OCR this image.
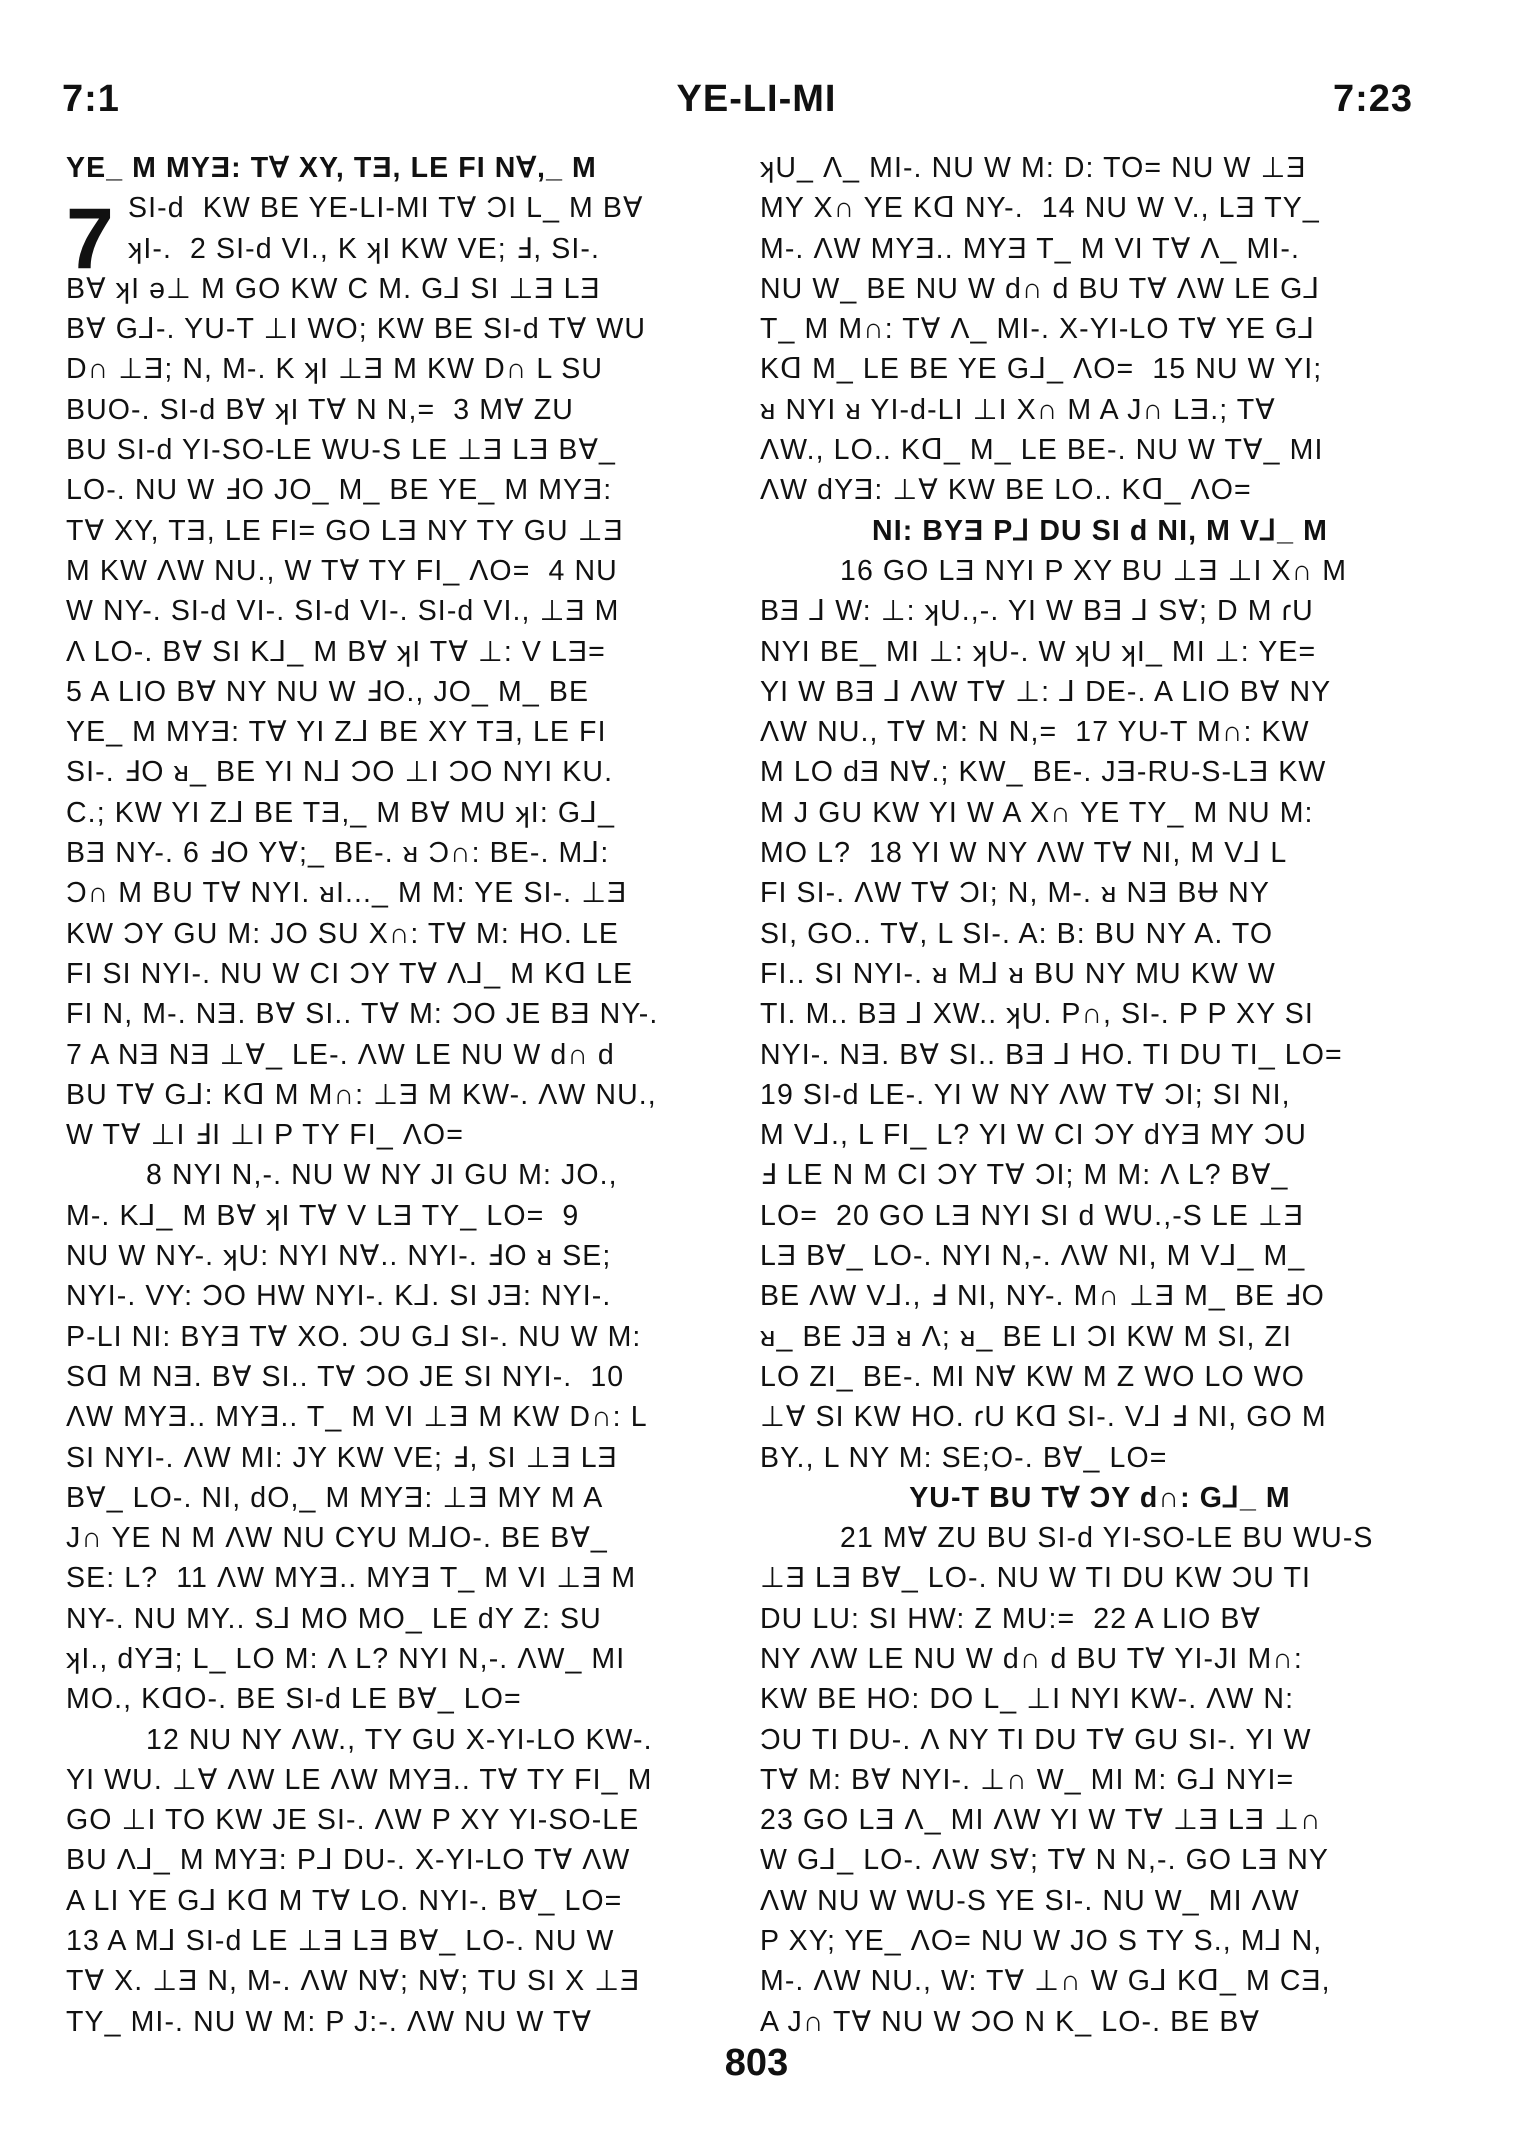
7:1	YE-LI-MI	7:23
7
YE_ M MYƎ: T∀ XY, TƎ, LE FI N∀,_ M
SI-d  KW BE YE-LI-MI T∀ ƆI L_ M B∀
ʞI-.  2 SI-d VI., K ʞI KW VE; Ⅎ, SI-.
B∀ ʞI ǝ⊥ M GO KW C M. G⅃ SI ⊥Ǝ LƎ
B∀ G⅃-. YU-T ⊥I WO; KW BE SI-d T∀ WU
D∩ ⊥Ǝ; N, M-. K ʞI ⊥Ǝ M KW D∩ L SU
BUO-. SI-d B∀ ʞI T∀ N N,=  3 M∀ ZU
BU SI-d YI-SO-LE WU-S LE ⊥Ǝ LƎ B∀_
LO-. NU W ℲO JO_ M_ BE YE_ M MYƎ:
T∀ XY, TƎ, LE FI= GO LƎ NY TY GU ⊥Ǝ
M KW ΛW NU., W T∀ TY FI_ ΛO=  4 NU
W NY-. SI-d VI-. SI-d VI-. SI-d VI., ⊥Ǝ M
Λ LO-. B∀ SI K⅃_ M B∀ ʞI T∀ ⊥: V LƎ=
5 A LIO B∀ NY NU W ℲO., JO_ M_ BE
YE_ M MYƎ: T∀ YI Z⅃ BE XY TƎ, LE FI
SI-. ℲO ᴚ_ BE YI N⅃ ƆO ⊥I ƆO NYI KU.
C.; KW YI Z⅃ BE TƎ,_ M B∀ MU ʞI: G⅃_
BƎ NY-. 6 ℲO Y∀;_ BE-. ᴚ Ɔ∩: BE-. M⅃:
Ɔ∩ M BU T∀ NYI. ᴚI..._ M M: YE SI-. ⊥Ǝ
KW ƆY GU M: JO SU X∩: T∀ M: HO. LE
FI SI NYI-. NU W CI ƆY T∀ Λ⅃_ M Kᗡ LE
FI N, M-. NƎ. B∀ SI.. T∀ M: ƆO JE BƎ NY-.
7 A NƎ NƎ ⊥∀_ LE-. ΛW LE NU W d∩ d
BU T∀ G⅃: Kᗡ M M∩: ⊥Ǝ M KW-. ΛW NU.,
W T∀ ⊥I ℲI ⊥I P TY FI_ ΛO=
8 NYI N,-. NU W NY JI GU M: JO.,
M-. K⅃_ M B∀ ʞI T∀ V LƎ TY_ LO=  9
NU W NY-. ʞU: NYI N∀.. NYI-. ℲO ᴚ SE;
NYI-. VY: ƆO HW NYI-. K⅃. SI JƎ: NYI-.
P-LI NI: BYƎ T∀ XO. ƆU G⅃ SI-. NU W M:
Sᗡ M NƎ. B∀ SI.. T∀ ƆO JE SI NYI-.  10
ΛW MYƎ.. MYƎ.. T_ M VI ⊥Ǝ M KW D∩: L
SI NYI-. ΛW MI: JY KW VE; Ⅎ, SI ⊥Ǝ LƎ
B∀_ LO-. NI, dO,_ M MYƎ: ⊥Ǝ MY M A
J∩ YE N M ΛW NU CYU M⅃O-. BE B∀_
SE: L?  11 ΛW MYƎ.. MYƎ T_ M VI ⊥Ǝ M
NY-. NU MY.. S⅃ MO MO_ LE dY Z: SU
ʞI., dYƎ; L_ LO M: Λ L? NYI N,-. ΛW_ MI
MO., KᗡO-. BE SI-d LE B∀_ LO=
12 NU NY ΛW., TY GU X-YI-LO KW-.
YI WU. ⊥∀ ΛW LE ΛW MYƎ.. T∀ TY FI_ M
GO ⊥I TO KW JE SI-. ΛW P XY YI-SO-LE
BU Λ⅃_ M MYƎ: P⅃ DU-. X-YI-LO T∀ ΛW
A LI YE G⅃ Kᗡ M T∀ LO. NYI-. B∀_ LO=
13 A M⅃ SI-d LE ⊥Ǝ LƎ B∀_ LO-. NU W
T∀ X. ⊥Ǝ N, M-. ΛW N∀; N∀; TU SI X ⊥Ǝ
TY_ MI-. NU W M: P J:-. ΛW NU W T∀
ʞU_ Λ_ MI-. NU W M: D: TO= NU W ⊥Ǝ
MY X∩ YE Kᗡ NY-.  14 NU W V., LƎ TY_
M-. ΛW MYƎ.. MYƎ T_ M VI T∀ Λ_ MI-.
NU W_ BE NU W d∩ d BU T∀ ΛW LE G⅃
T_ M M∩: T∀ Λ_ MI-. X-YI-LO T∀ YE G⅃
Kᗡ M_ LE BE YE G⅃_ ΛO=  15 NU W YI;
ᴚ NYI ᴚ YI-d-LI ⊥I X∩ M A J∩ LƎ.; T∀
ΛW., LO.. Kᗡ_ M_ LE BE-. NU W T∀_ MI
ΛW dYƎ: ⊥∀ KW BE LO.. Kᗡ_ ΛO=
NI: BYƎ P⅃ DU SI d NI, M V⅃_ M
16 GO LƎ NYI P XY BU ⊥Ǝ ⊥I X∩ M
BƎ ⅃ W: ⊥: ʞU.,-. YI W BƎ ⅃ S∀; D M ɾU
NYI BE_ MI ⊥: ʞU-. W ʞU ʞI_ MI ⊥: YE=
YI W BƎ ⅃ ΛW T∀ ⊥: ⅃ DE-. A LIO B∀ NY
ΛW NU., T∀ M: N N,=  17 YU-T M∩: KW
M LO dƎ N∀.; KW_ BE-. JƎ-RU-S-LƎ KW
M J GU KW YI W A X∩ YE TY_ M NU M:
MO L?  18 YI W NY ΛW T∀ NI, M V⅃ L
FI SI-. ΛW T∀ ƆI; N, M-. ᴚ NƎ BɄ NY
SI, GO.. T∀, L SI-. A: B: BU NY A. TO
FI.. SI NYI-. ᴚ M⅃ ᴚ BU NY MU KW W
TI. M.. BƎ ⅃ XW.. ʞU. P∩, SI-. P P XY SI
NYI-. NƎ. B∀ SI.. BƎ ⅃ HO. TI DU TI_ LO=
19 SI-d LE-. YI W NY ΛW T∀ ƆI; SI NI,
M V⅃., L FI_ L? YI W CI ƆY dYƎ MY ƆU
Ⅎ LE N M CI ƆY T∀ ƆI; M M: Λ L? B∀_
LO=  20 GO LƎ NYI SI d WU.,-S LE ⊥Ǝ
LƎ B∀_ LO-. NYI N,-. ΛW NI, M V⅃_ M_
BE ΛW V⅃., Ⅎ NI, NY-. M∩ ⊥Ǝ M_ BE ℲO
ᴚ_ BE JƎ ᴚ Λ; ᴚ_ BE LI ƆI KW M SI, ZI
LO ZI_ BE-. MI N∀ KW M Z WO LO WO
⊥∀ SI KW HO. ɾU Kᗡ SI-. V⅃ Ⅎ NI, GO M
BY., L NY M: SE;O-. B∀_ LO=
YU-T BU T∀ ƆY d∩: G⅃_ M
21 M∀ ZU BU SI-d YI-SO-LE BU WU-S
⊥Ǝ LƎ B∀_ LO-. NU W TI DU KW ƆU TI
DU LU: SI HW: Z MU:=  22 A LIO B∀
NY ΛW LE NU W d∩ d BU T∀ YI-JI M∩:
KW BE HO: DO L_ ⊥I NYI KW-. ΛW N:
ƆU TI DU-. Λ NY TI DU T∀ GU SI-. YI W
T∀ M: B∀ NYI-. ⊥∩ W_ MI M: G⅃ NYI=
23 GO LƎ Λ_ MI ΛW YI W T∀ ⊥Ǝ LƎ ⊥∩
W G⅃_ LO-. ΛW S∀; T∀ N N,-. GO LƎ NY
ΛW NU W WU-S YE SI-. NU W_ MI ΛW
P XY; YE_ ΛO= NU W JO S TY S., M⅃ N,
M-. ΛW NU., W: T∀ ⊥∩ W G⅃ Kᗡ_ M CƎ,
A J∩ T∀ NU W ƆO N K_ LO-. BE B∀
803
